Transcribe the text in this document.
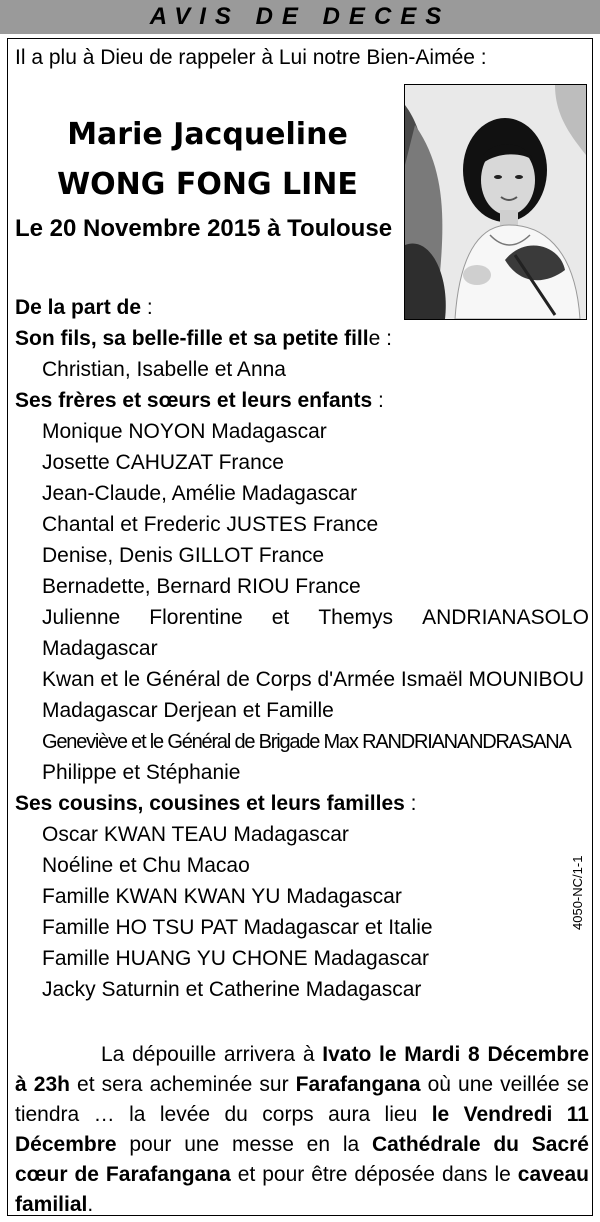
AVIS DE DECES
Il a plu à Dieu de rappeler à Lui notre Bien-Aimée :
Marie Jacqueline
WONG FONG LINE
Le 20 Novembre 2015 à Toulouse
De la part de :
Son fils, sa belle-fille et sa petite fille :
Christian, Isabelle et Anna
Ses frères et sœurs et leurs enfants :
Monique NOYON Madagascar
Josette CAHUZAT France
Jean-Claude, Amélie Madagascar
Chantal et Frederic JUSTES France
Denise, Denis GILLOT France
Bernadette, Bernard RIOU France
Julienne Florentine et Themys ANDRIANASOLO
Madagascar
Kwan et le Général de Corps d'Armée Ismaël MOUNIBOU
Madagascar Derjean et Famille
Geneviève et le Général de Brigade Max RANDRIANANDRASANA
Philippe et Stéphanie
Ses cousins, cousines et leurs familles :
Oscar KWAN TEAU Madagascar
Noéline et Chu Macao
Famille KWAN KWAN YU Madagascar
Famille HO TSU PAT Madagascar et Italie
Famille HUANG YU CHONE Madagascar
Jacky Saturnin et Catherine Madagascar
4050-NC/1-1
La dépouille arrivera à Ivato le Mardi 8 Décembre à 23h et sera acheminée sur Farafangana où une veillée se tiendra … la levée du corps aura lieu le Vendredi 11 Décembre pour une messe en la Cathédrale du Sacré cœur de Farafangana et pour être déposée dans le caveau familial.
